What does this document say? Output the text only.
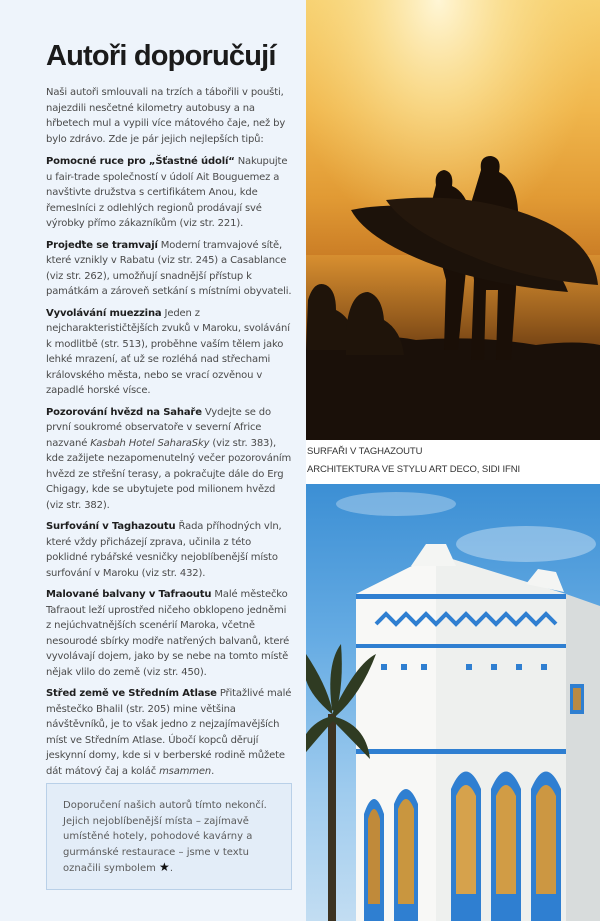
Autoři doporučují

Naši autoři smlouvali na trzích a tábořili v poušti, najezdili nesčetné kilometry autobusy a na hřbetech mul a vypili více mátového čaje, než by bylo zdrávo. Zde je pár jejich nejlepších tipů:

Pomocné ruce pro „Šťastné údolí“ Nakupujte u fair-trade společností v údolí Ait Bouguemez a navštivte družstva s certifikátem Anou, kde řemeslníci z odlehlých regionů prodávají své výrobky přímo zákazníkům (viz str. 221).

Projeďte se tramvají Moderní tramvajové sítě, které vznikly v Rabatu (viz str. 245) a Casablance (viz str. 262), umožňují snadnější přístup k památkám a zároveň setkání s místními obyvateli.

Vyvolávání muezzina Jeden z nejcharakterističtějších zvuků v Maroku, svolávání k modlitbě (str. 513), proběhne vaším tělem jako lehké mrazení, ať už se rozléhá nad střechami královského města, nebo se vrací ozvěnou v zapadlé horské vísce.

Pozorování hvězd na Sahaře Vydejte se do první soukromé observatoře v severní Africe nazvané Kasbah Hotel SaharaSky (viz str. 383), kde zažijete nezapomenutelný večer pozorováním hvězd ze střešní terasy, a pokračujte dále do Erg Chigagy, kde se ubytujete pod milionem hvězd (viz str. 382).

Surfování v Taghazoutu Řada příhodných vln, které vždy přicházejí zprava, učinila z této poklidné rybářské vesničky nejoblíbenější místo surfování v Maroku (viz str. 432).

Malované balvany v Tafraoutu Malé městečko Tafraout leží uprostřed ničeho obklopeno jedněmi z nejúchvatnějších scenérií Maroka, včetně nesourodé sbírky modře natřených balvanů, které vyvolávají dojem, jako by se nebe na tomto místě nějak vlilo do země (viz str. 450).

Střed země ve Středním Atlase Přitažlivé malé městečko Bhalil (str. 205) mine většina návštěvníků, je to však jedno z nejzajímavějších míst ve Středním Atlase. Úbočí kopců děrují jeskynní domy, kde si v berberské rodině můžete dát mátový čaj a koláč msammen.

Doporučení našich autorů tímto nekončí. Jejich nejoblíbenější místa – zajímavě umístěné hotely, pohodové kavárny a gurmánské restaurace – jsme v textu označili symbolem ★.
SURFAŘI V TAGHAZOUTU
ARCHITEKTURA VE STYLU ART DECO, SIDI IFNI
